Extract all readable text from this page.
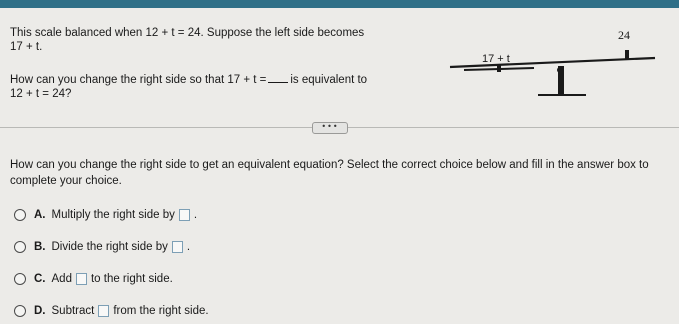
This scale balanced when 12 + t = 24. Suppose the left side becomes
17 + t.

How can you change the right side so that 17 + t = is equivalent to
12 + t = 24?

17 + t
24
•••
How can you change the right side to get an equivalent equation? Select the correct choice below and fill in the answer box to complete your choice.
A. Multiply the right side by .
B. Divide the right side by .
C. Add to the right side.
D. Subtract from the right side.
